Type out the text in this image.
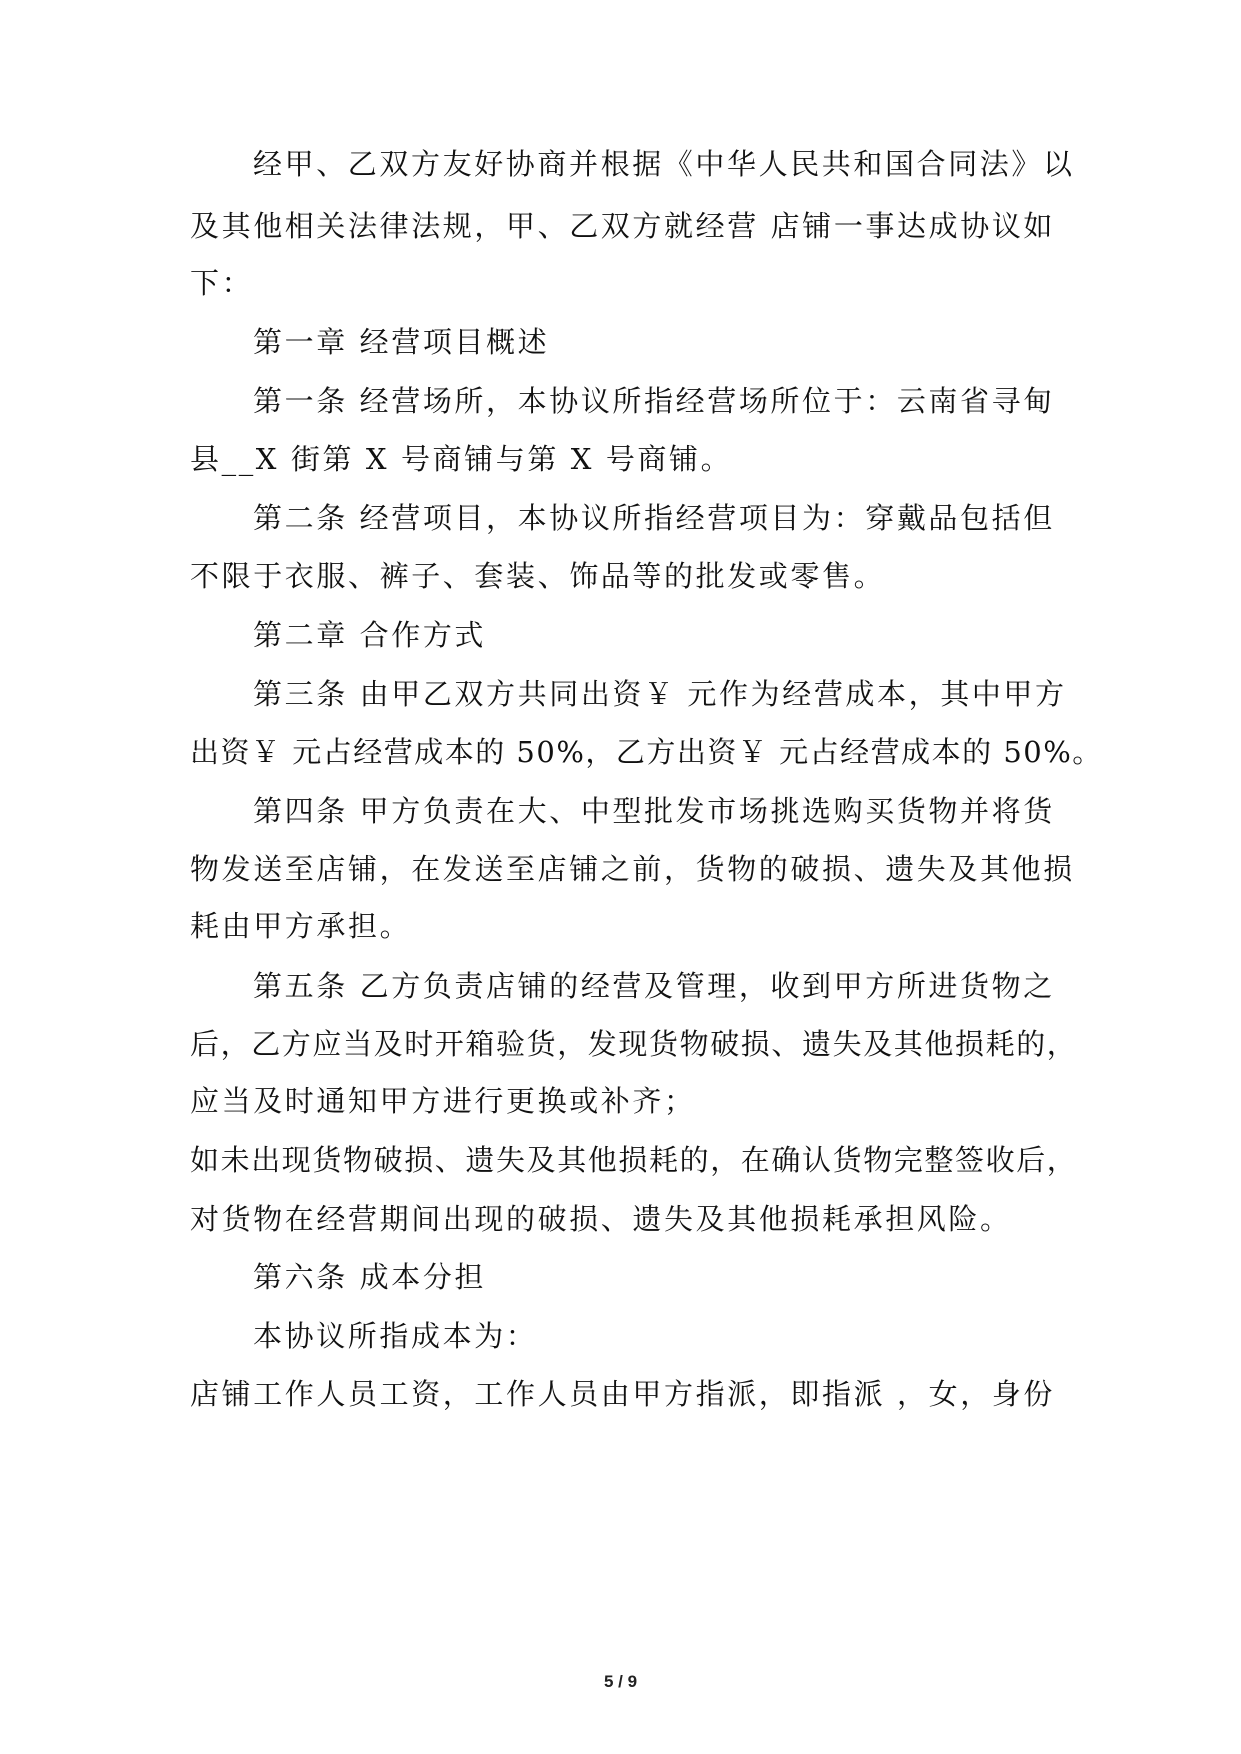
经甲、乙双方友好协商并根据《中华人民共和国合同法》以
及其他相关法律法规，甲、乙双方就经营 店铺一事达成协议如
下：
第一章 经营项目概述
第一条 经营场所，本协议所指经营场所位于：云南省寻甸
县__X 街第 X 号商铺与第 X 号商铺。
第二条 经营项目，本协议所指经营项目为：穿戴品包括但
不限于衣服、裤子、套装、饰品等的批发或零售。
第二章 合作方式
第三条 由甲乙双方共同出资￥ 元作为经营成本，其中甲方
出资￥ 元占经营成本的 50%，乙方出资￥ 元占经营成本的 50%。
第四条 甲方负责在大、中型批发市场挑选购买货物并将货
物发送至店铺，在发送至店铺之前，货物的破损、遗失及其他损
耗由甲方承担。
第五条 乙方负责店铺的经营及管理，收到甲方所进货物之
后，乙方应当及时开箱验货，发现货物破损、遗失及其他损耗的，
应当及时通知甲方进行更换或补齐；
如未出现货物破损、遗失及其他损耗的，在确认货物完整签收后，
对货物在经营期间出现的破损、遗失及其他损耗承担风险。
第六条 成本分担
本协议所指成本为：
店铺工作人员工资，工作人员由甲方指派，即指派 ，女，身份
5 / 9
